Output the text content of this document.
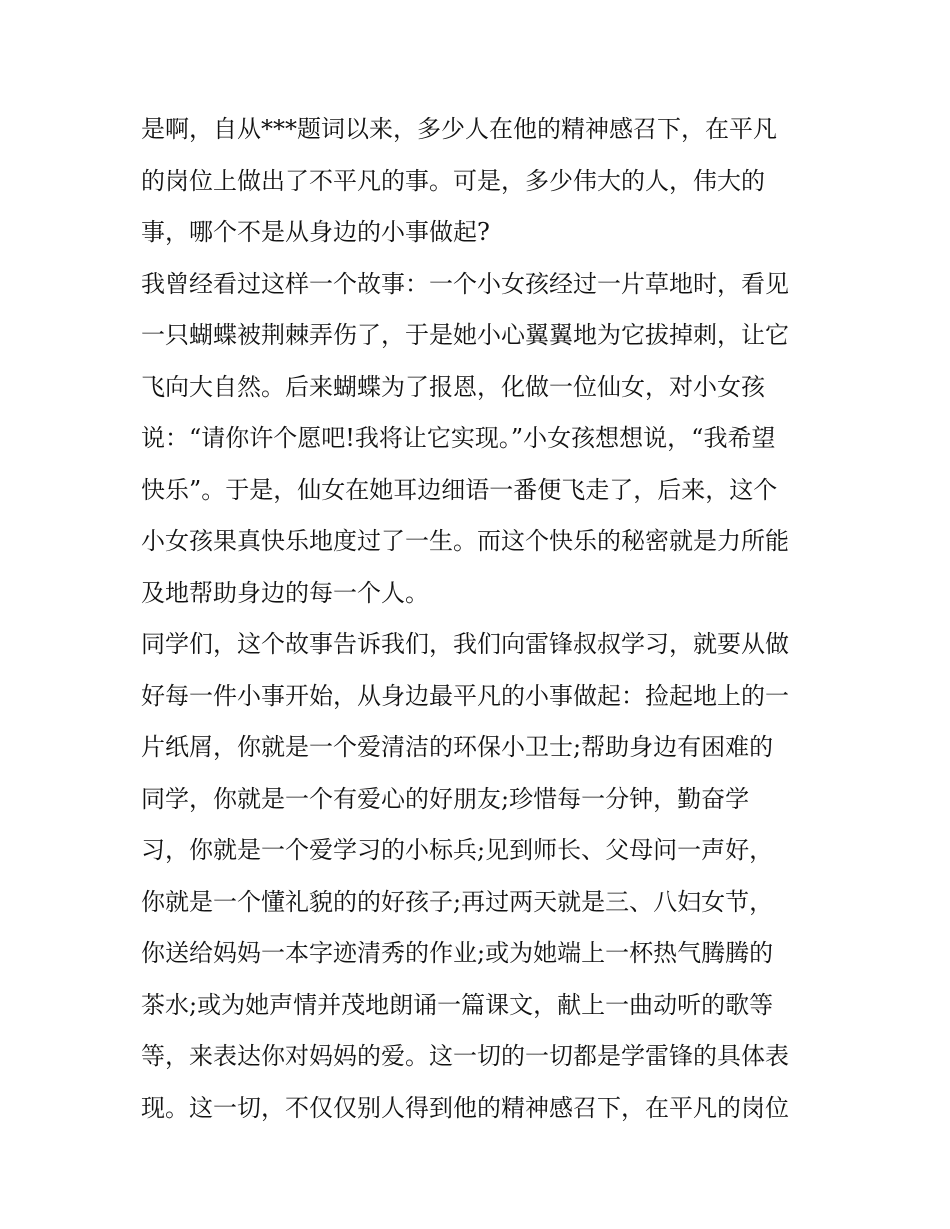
是啊，自从***题词以来，多少人在他的精神感召下，在平凡
的岗位上做出了不平凡的事。可是，多少伟大的人，伟大的
事，哪个不是从身边的小事做起?
我曾经看过这样一个故事：一个小女孩经过一片草地时，看见
一只蝴蝶被荆棘弄伤了，于是她小心翼翼地为它拔掉刺，让它
飞向大自然。后来蝴蝶为了报恩，化做一位仙女，对小女孩
说：“请你许个愿吧!我将让它实现。”小女孩想想说，“我希望
快乐”。于是，仙女在她耳边细语一番便飞走了，后来，这个
小女孩果真快乐地度过了一生。而这个快乐的秘密就是力所能
及地帮助身边的每一个人。
同学们，这个故事告诉我们，我们向雷锋叔叔学习，就要从做
好每一件小事开始，从身边最平凡的小事做起：捡起地上的一
片纸屑，你就是一个爱清洁的环保小卫士;帮助身边有困难的
同学，你就是一个有爱心的好朋友;珍惜每一分钟，勤奋学
习，你就是一个爱学习的小标兵;见到师长、父母问一声好，
你就是一个懂礼貌的的好孩子;再过两天就是三、八妇女节，
你送给妈妈一本字迹清秀的作业;或为她端上一杯热气腾腾的
茶水;或为她声情并茂地朗诵一篇课文，献上一曲动听的歌等
等，来表达你对妈妈的爱。这一切的一切都是学雷锋的具体表
现。这一切，不仅仅别人得到他的精神感召下，在平凡的岗位
